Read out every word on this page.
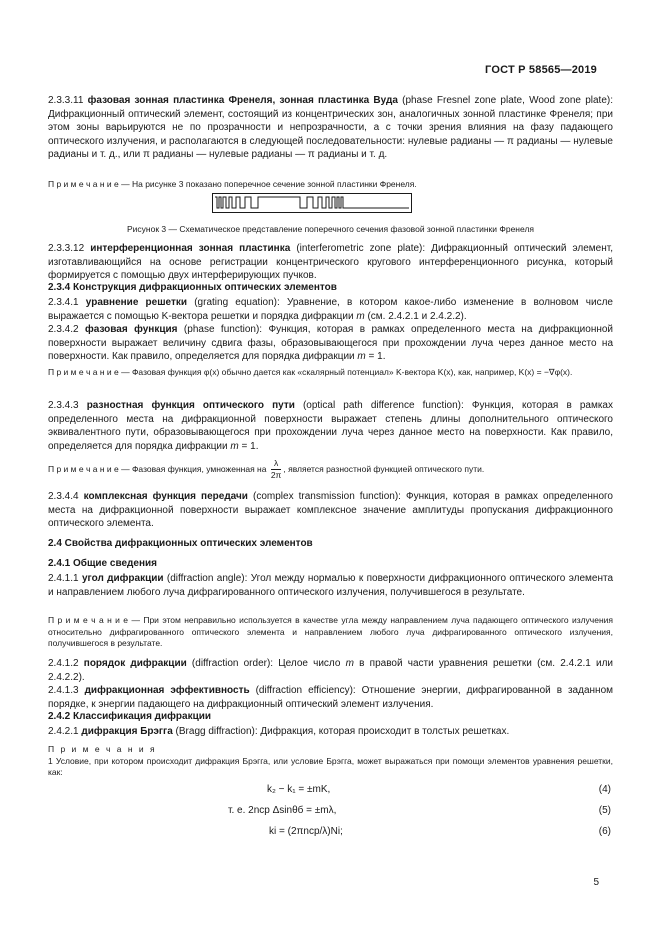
ГОСТ Р 58565—2019
2.3.3.11 фазовая зонная пластинка Френеля, зонная пластинка Вуда (phase Fresnel zone plate, Wood zone plate): Дифракционный оптический элемент, состоящий из концентрических зон, аналогичных зонной пластинке Френеля; при этом зоны варьируются не по прозрачности и непрозрачности, а с точки зрения влияния на фазу падающего оптического излучения, и располагаются в следующей последовательности: нулевые радианы — π радианы — нулевые радианы и т. д., или π радианы — нулевые радианы — π радианы и т. д.
П р и м е ч а н и е — На рисунке 3 показано поперечное сечение зонной пластинки Френеля.
Рисунок 3 — Схематическое представление поперечного сечения фазовой зонной пластинки Френеля
2.3.3.12 интерференционная зонная пластинка (interferometric zone plate): Дифракционный оптический элемент, изготавливающийся на основе регистрации концентрического кругового интерференционного рисунка, который формируется с помощью двух интерферирующих пучков.
2.3.4 Конструкция дифракционных оптических элементов
2.3.4.1 уравнение решетки (grating equation): Уравнение, в котором какое-либо изменение в волновом числе выражается с помощью K-вектора решетки и порядка дифракции m (см. 2.4.2.1 и 2.4.2.2).
2.3.4.2 фазовая функция (phase function): Функция, которая в рамках определенного места на дифракционной поверхности выражает величину сдвига фазы, образовывающегося при прохождении луча через данное место на поверхности. Как правило, определяется для порядка дифракции m = 1.
П р и м е ч а н и е — Фазовая функция φ(x) обычно дается как «скалярный потенциал» K-вектора K(x), как, например, K(x) = −∇φ(x).
2.3.4.3 разностная функция оптического пути (optical path difference function): Функция, которая в рамках определенного места на дифракционной поверхности выражает степень длины дополнительного оптического эквивалентного пути, образовывающегося при прохождении луча через данное место на поверхности. Как правило, определяется для порядка дифракции m = 1.
П р и м е ч а н и е — Фазовая функция, умноженная на $\frac{\lambda}{2\pi}$ , является разностной функцией оптического пути.
2.3.4.4 комплексная функция передачи (complex transmission function): Функция, которая в рамках определенного места на дифракционной поверхности выражает комплексное значение амплитуды пропускания дифракционного оптического элемента.
2.4 Свойства дифракционных оптических элементов
2.4.1 Общие сведения
2.4.1.1 угол дифракции (diffraction angle): Угол между нормалью к поверхности дифракционного оптического элемента и направлением любого луча дифрагированного оптического излучения, получившегося в результате.
П р и м е ч а н и е — При этом неправильно используется в качестве угла между направлением луча падающего оптического излучения относительно дифрагированного оптического элемента и направлением любого луча дифрагированного оптического излучения, получившегося в результате.
2.4.1.2 порядок дифракции (diffraction order): Целое число m в правой части уравнения решетки (см. 2.4.2.1 или 2.4.2.2).
2.4.1.3 дифракционная эффективность (diffraction efficiency): Отношение энергии, дифрагированной в заданном порядке, к энергии падающего на дифракционный оптический элемент излучения.
2.4.2 Классификация дифракции
2.4.2.1 дифракция Брэгга (Bragg diffraction): Дифракция, которая происходит в толстых решетках.
П р и м е ч а н и я
1 Условие, при котором происходит дифракция Брэгга, или условие Брэгга, может выражаться при помощи элементов уравнения решетки, как:
k₂ − k₁ = ±mK,	(4)
т. е. 2nср Δsinθб = ±mλ,	(5)
ki = (2πnср/λ)Ni;	(6)
5
